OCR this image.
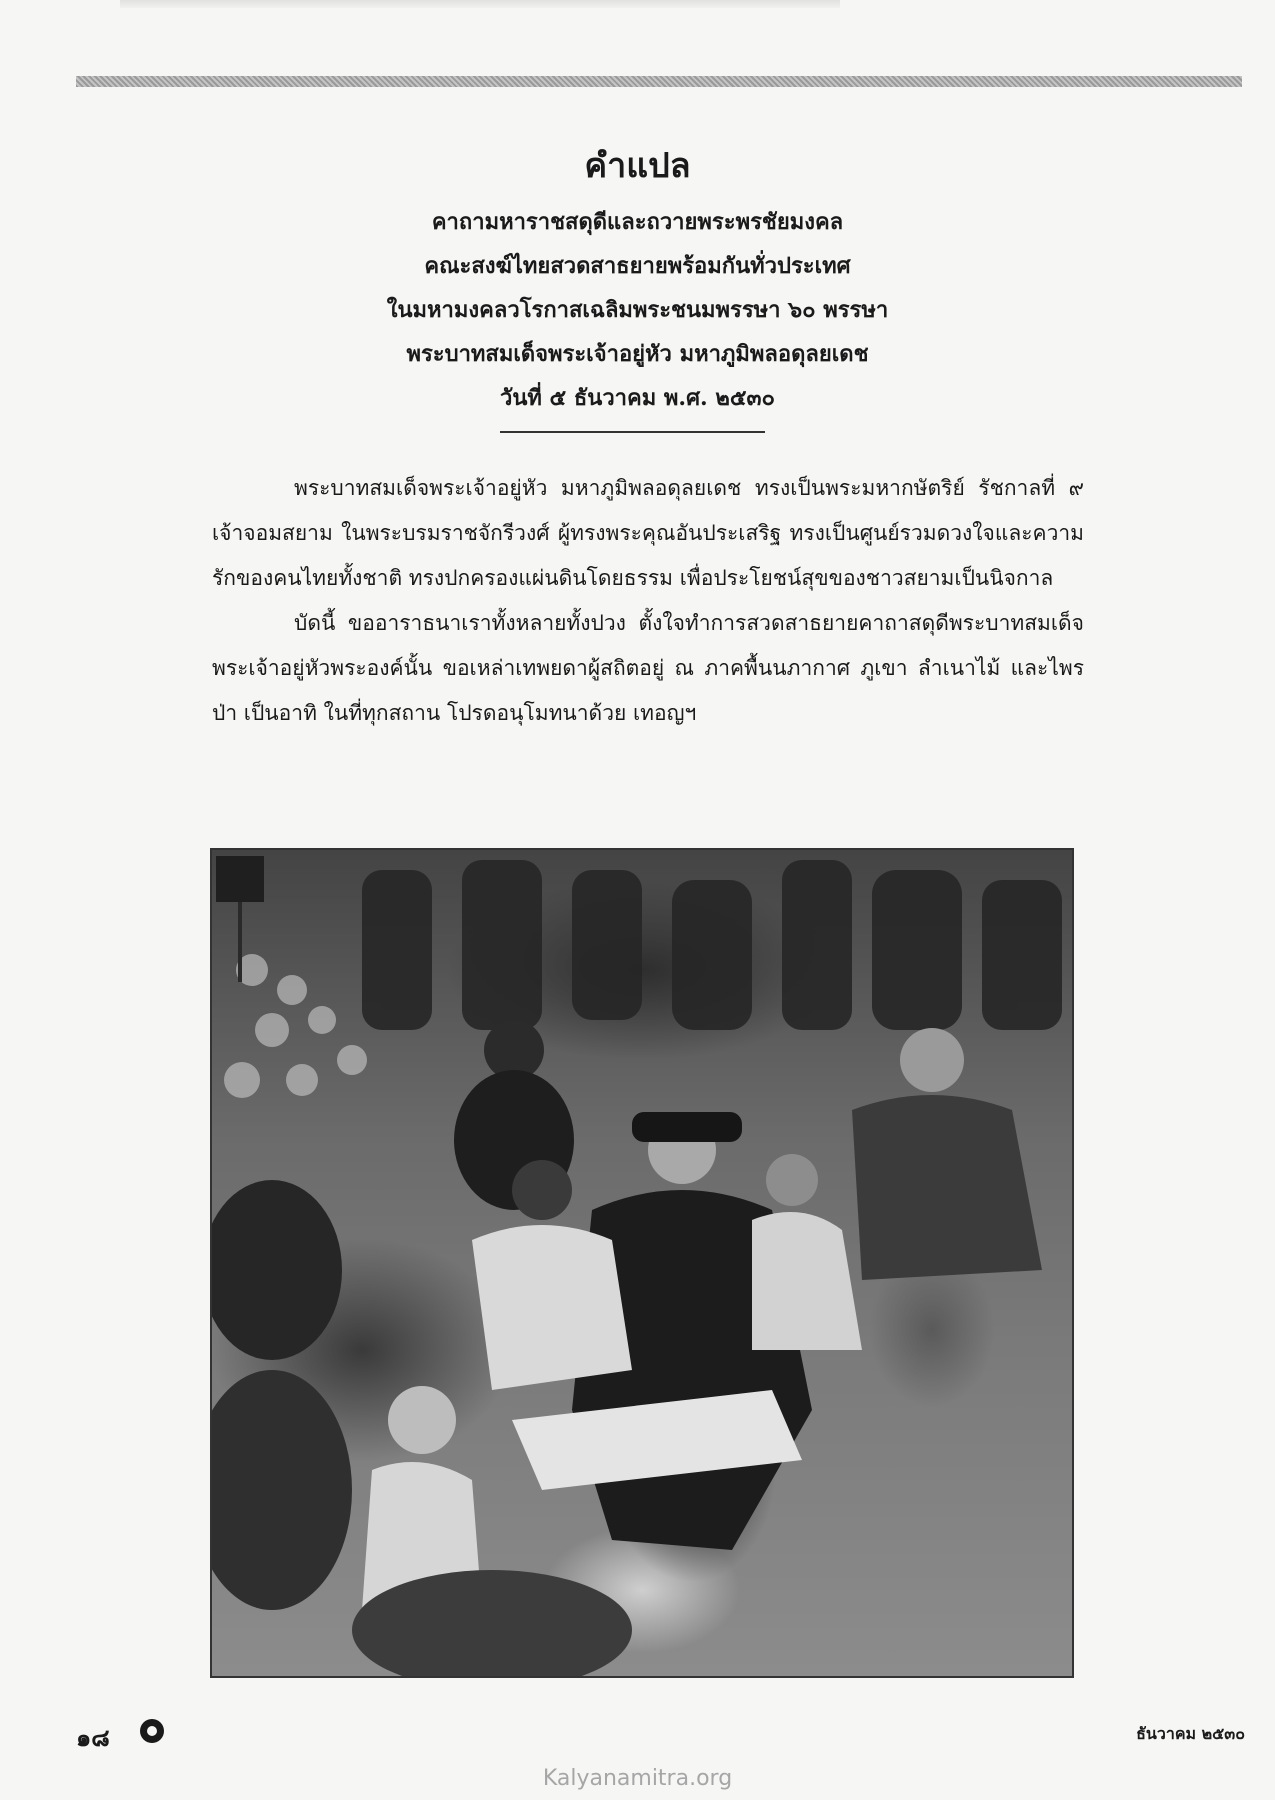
คำแปล
คาถามหาราชสดุดีและถวายพระพรชัยมงคล
คณะสงฆ์ไทยสวดสาธยายพร้อมกันทั่วประเทศ
ในมหามงคลวโรกาสเฉลิมพระชนมพรรษา ๖๐ พรรษา
พระบาทสมเด็จพระเจ้าอยู่หัว มหาภูมิพลอดุลยเดช
วันที่ ๕ ธันวาคม พ.ศ. ๒๕๓๐

พระบาทสมเด็จพระเจ้าอยู่หัว มหาภูมิพลอดุลยเดช ทรงเป็นพระมหากษัตริย์ รัชกาลที่ ๙ เจ้าจอมสยาม ในพระบรมราชจักรีวงศ์ ผู้ทรงพระคุณอันประเสริฐ ทรงเป็นศูนย์รวมดวงใจและความรักของคนไทยทั้งชาติ ทรงปกครองแผ่นดินโดยธรรม เพื่อประโยชน์สุขของชาวสยามเป็นนิจกาล

บัดนี้ ขออาราธนาเราทั้งหลายทั้งปวง ตั้งใจทำการสวดสาธยายคาถาสดุดีพระบาทสมเด็จพระเจ้าอยู่หัวพระองค์นั้น ขอเหล่าเทพยดาผู้สถิตอยู่ ณ ภาคพื้นนภากาศ ภูเขา ลำเนาไม้ และไพรป่า เป็นอาทิ ในที่ทุกสถาน โปรดอนุโมทนาด้วย เทอญฯ

๑๘	ธันวาคม ๒๕๓๐
Kalyanamitra.org
